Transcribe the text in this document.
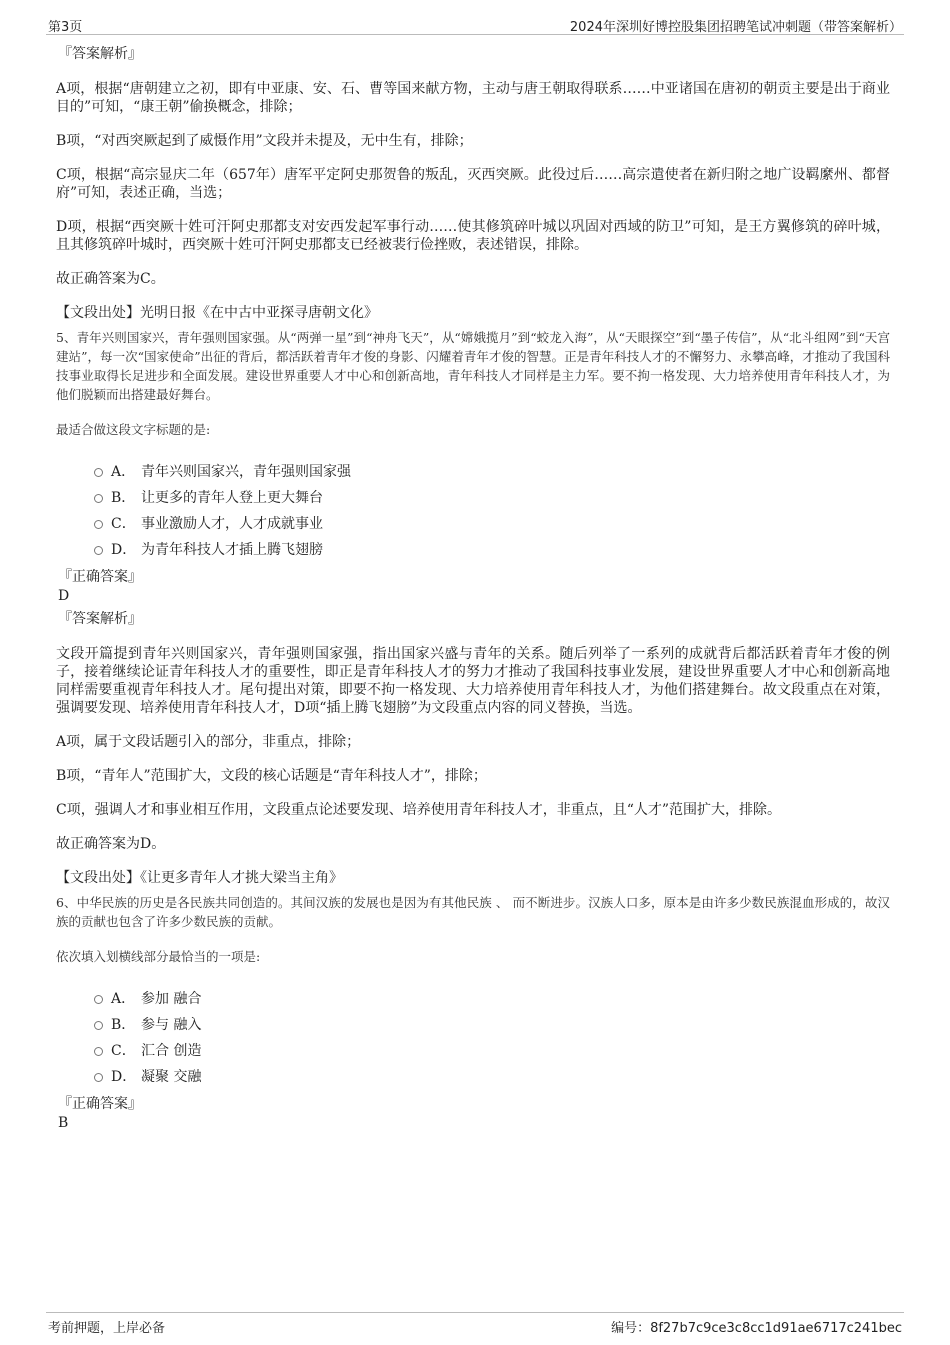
第3页	2024年深圳好博控股集团招聘笔试冲刺题（带答案解析）
『答案解析』

A项，根据“唐朝建立之初，即有中亚康、安、石、曹等国来献方物，主动与唐王朝取得联系……中亚诸国在唐初的朝贡主要是出于商业目的”可知，“康王朝”偷换概念，排除；

B项，“对西突厥起到了威慑作用”文段并未提及，无中生有，排除；

C项，根据“高宗显庆二年（657年）唐军平定阿史那贺鲁的叛乱，灭西突厥。此役过后……高宗遣使者在新归附之地广设羁縻州、都督府”可知，表述正确，当选；

D项，根据“西突厥十姓可汗阿史那都支对安西发起军事行动……使其修筑碎叶城以巩固对西域的防卫”可知，是王方翼修筑的碎叶城，且其修筑碎叶城时，西突厥十姓可汗阿史那都支已经被裴行俭挫败，表述错误，排除。

故正确答案为C。

【文段出处】光明日报《在中古中亚探寻唐朝文化》

5、青年兴则国家兴，青年强则国家强。从“两弹一星”到“神舟飞天”，从“嫦娥揽月”到“蛟龙入海”，从“天眼探空”到“墨子传信”，从“北斗组网”到“天宫建站”，每一次“国家使命”出征的背后，都活跃着青年才俊的身影、闪耀着青年才俊的智慧。正是青年科技人才的不懈努力、永攀高峰，才推动了我国科技事业取得长足进步和全面发展。建设世界重要人才中心和创新高地，青年科技人才同样是主力军。要不拘一格发现、大力培养使用青年科技人才，为他们脱颖而出搭建最好舞台。

最适合做这段文字标题的是:

A． 青年兴则国家兴，青年强则国家强
B． 让更多的青年人登上更大舞台
C． 事业激励人才，人才成就事业
D． 为青年科技人才插上腾飞翅膀
『正确答案』
D
『答案解析』

文段开篇提到青年兴则国家兴，青年强则国家强，指出国家兴盛与青年的关系。随后列举了一系列的成就背后都活跃着青年才俊的例子，接着继续论证青年科技人才的重要性，即正是青年科技人才的努力才推动了我国科技事业发展，建设世界重要人才中心和创新高地同样需要重视青年科技人才。尾句提出对策，即要不拘一格发现、大力培养使用青年科技人才，为他们搭建舞台。故文段重点在对策，强调要发现、培养使用青年科技人才，D项“插上腾飞翅膀”为文段重点内容的同义替换，当选。

A项，属于文段话题引入的部分，非重点，排除；

B项，“青年人”范围扩大，文段的核心话题是“青年科技人才”，排除；

C项，强调人才和事业相互作用，文段重点论述要发现、培养使用青年科技人才，非重点，且“人才”范围扩大，排除。

故正确答案为D。

【文段出处】《让更多青年人才挑大梁当主角》

6、中华民族的历史是各民族共同创造的。其间汉族的发展也是因为有其他民族 、 而不断进步。汉族人口多，原本是由许多少数民族混血形成的，故汉族的贡献也包含了许多少数民族的贡献。

依次填入划横线部分最恰当的一项是:

A． 参加 融合
B． 参与 融入
C． 汇合 创造
D． 凝聚 交融
『正确答案』
B
考前押题，上岸必备	编号：8f27b7c9ce3c8cc1d91ae6717c241bec
